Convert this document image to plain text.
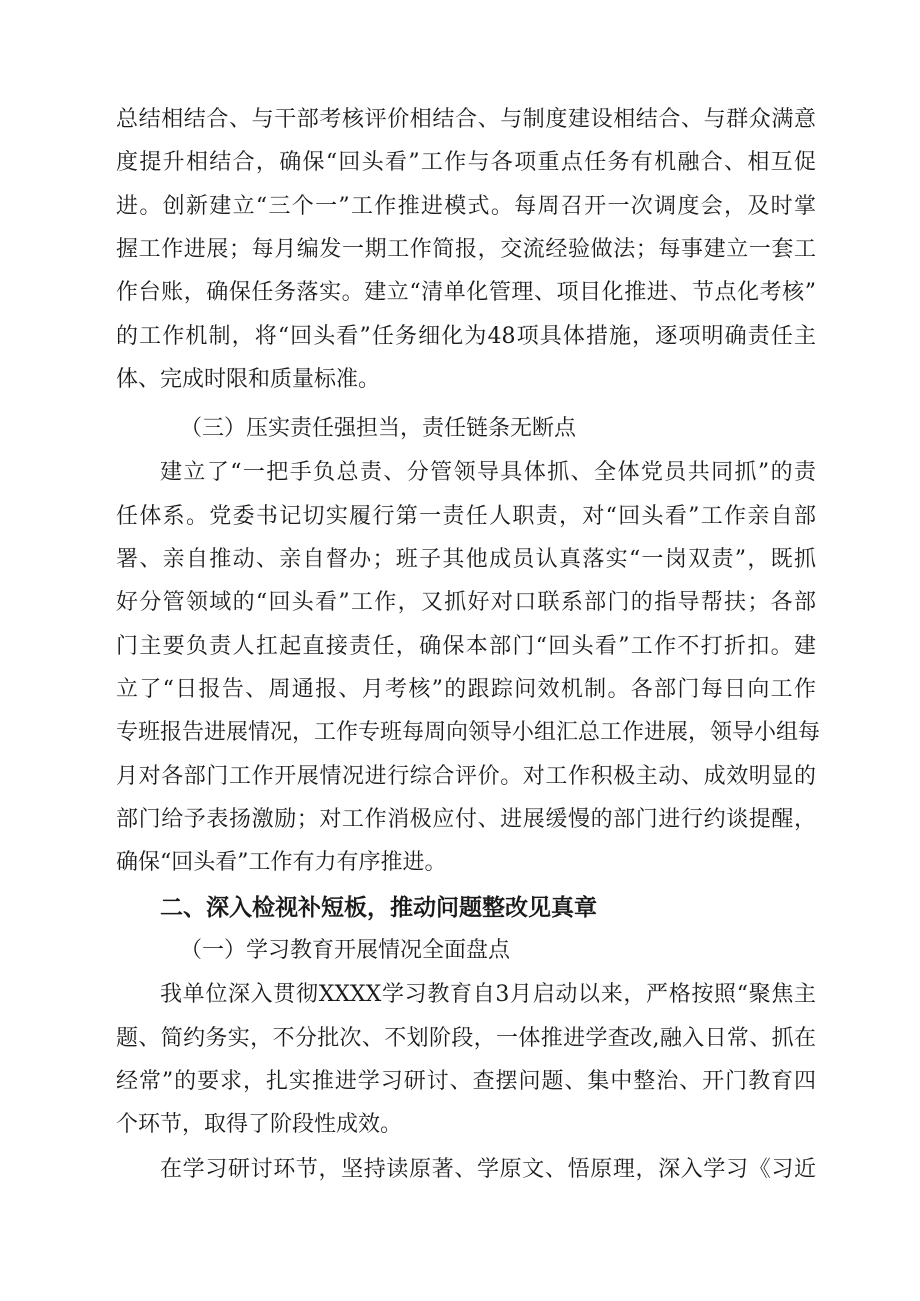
总结相结合、与干部考核评价相结合、与制度建设相结合、与群众满意
度提升相结合，确保“回头看”工作与各项重点任务有机融合、相互促
进。创新建立“三个一”工作推进模式。每周召开一次调度会，及时掌
握工作进展；每月编发一期工作简报，交流经验做法；每事建立一套工
作台账，确保任务落实。建立“清单化管理、项目化推进、节点化考核”
的工作机制，将“回头看”任务细化为48项具体措施，逐项明确责任主
体、完成时限和质量标准。
（三）压实责任强担当，责任链条无断点
建立了“一把手负总责、分管领导具体抓、全体党员共同抓”的责
任体系。党委书记切实履行第一责任人职责，对“回头看”工作亲自部
署、亲自推动、亲自督办；班子其他成员认真落实“一岗双责”，既抓
好分管领域的“回头看”工作，又抓好对口联系部门的指导帮扶；各部
门主要负责人扛起直接责任，确保本部门“回头看”工作不打折扣。建
立了“日报告、周通报、月考核”的跟踪问效机制。各部门每日向工作
专班报告进展情况，工作专班每周向领导小组汇总工作进展，领导小组每
月对各部门工作开展情况进行综合评价。对工作积极主动、成效明显的
部门给予表扬激励；对工作消极应付、进展缓慢的部门进行约谈提醒，
确保“回头看”工作有力有序推进。
二、深入检视补短板，推动问题整改见真章
（一）学习教育开展情况全面盘点
我单位深入贯彻XXXX学习教育自3月启动以来，严格按照“聚焦主
题、简约务实，不分批次、不划阶段，一体推进学查改,融入日常、抓在
经常”的要求，扎实推进学习研讨、查摆问题、集中整治、开门教育四
个环节，取得了阶段性成效。
在学习研讨环节，坚持读原著、学原文、悟原理，深入学习《习近
